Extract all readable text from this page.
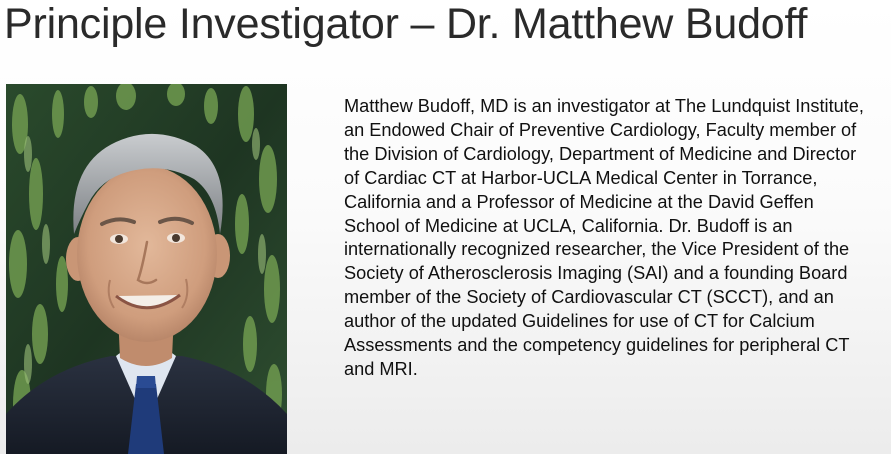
Principle Investigator – Dr. Matthew Budoff

Matthew Budoff, MD is an investigator at The Lundquist Institute, an Endowed Chair of Preventive Cardiology, Faculty member of the Division of Cardiology, Department of Medicine and Director of Cardiac CT at Harbor-UCLA Medical Center in Torrance, California and a Professor of Medicine at the David Geffen School of Medicine at UCLA, California. Dr. Budoff is an internationally recognized researcher, the Vice President of the Society of Atherosclerosis Imaging (SAI) and a founding Board member of the Society of Cardiovascular CT (SCCT), and an author of the updated Guidelines for use of CT for Calcium Assessments and the competency guidelines for peripheral CT and MRI.
